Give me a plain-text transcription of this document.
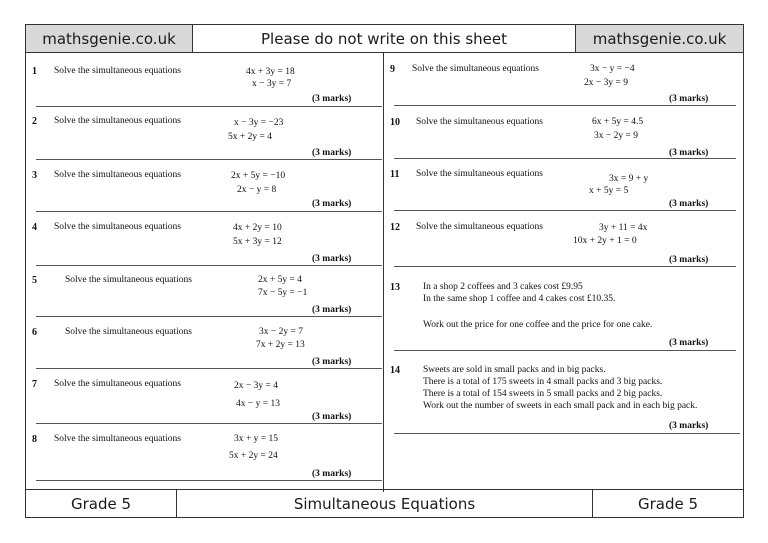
mathsgenie.co.uk	Please do not write on this sheet	mathsgenie.co.uk
1 Solve the simultaneous equations	4x + 3y = 18
x − 3y = 7
(3 marks)
2 Solve the simultaneous equations	x − 3y = −23
5x + 2y = 4
(3 marks)
3 Solve the simultaneous equations	2x + 5y = −10
2x − y = 8
(3 marks)
4 Solve the simultaneous equations	4x + 2y = 10
5x + 3y = 12
(3 marks)
5	Solve the simultaneous equations	2x + 5y = 4
7x − 5y = −1
(3 marks)
6	Solve the simultaneous equations	3x − 2y = 7
7x + 2y = 13
(3 marks)
7 Solve the simultaneous equations	2x − 3y = 4
4x − y = 13
(3 marks)
8 Solve the simultaneous equations	3x + y = 15
5x + 2y = 24
(3 marks)
9 Solve the simultaneous equations	3x − y = −4
2x − 3y = 9
(3 marks)
10 Solve the simultaneous equations	6x + 5y = 4.5
3x − 2y = 9
(3 marks)
11 Solve the simultaneous equations	3x = 9 + y
x + 5y = 5
(3 marks)
12 Solve the simultaneous equations	3y + 11 = 4x
10x + 2y + 1 = 0
(3 marks)
13 In a shop 2 coffees and 3 cakes cost £9.95
In the same shop 1 coffee and 4 cakes cost £10.35.
Work out the price for one coffee and the price for one cake.
(3 marks)
14 Sweets are sold in small packs and in big packs.
There is a total of 175 sweets in 4 small packs and 3 big packs.
There is a total of 154 sweets in 5 small packs and 2 big packs.
Work out the number of sweets in each small pack and in each big pack.
(3 marks)
Grade 5	Simultaneous Equations	Grade 5
